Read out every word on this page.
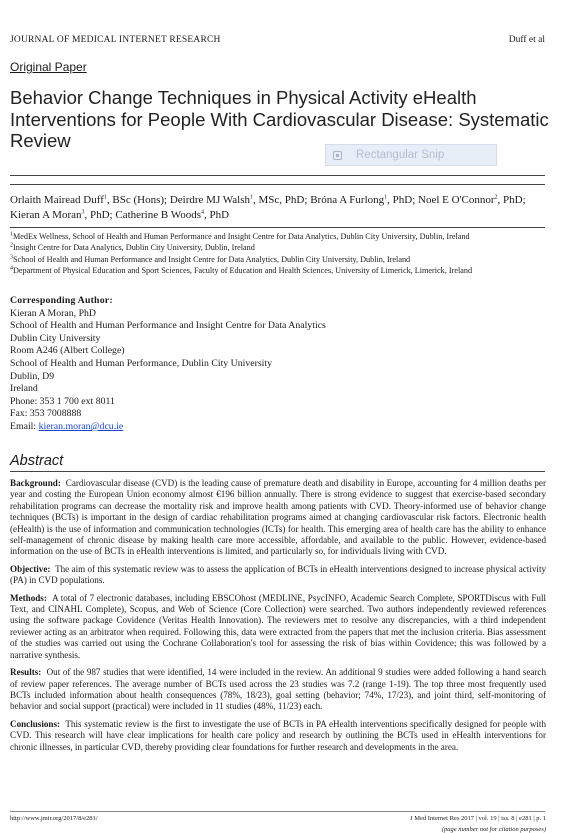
JOURNAL OF MEDICAL INTERNET RESEARCH	Duff et al
Original Paper
Behavior Change Techniques in Physical Activity eHealth Interventions for People With Cardiovascular Disease: Systematic Review
Rectangular Snip
Orlaith Mairead Duff$^1$, BSc (Hons); Deirdre MJ Walsh$^1$, MSc, PhD; Bróna A Furlong$^1$, PhD; Noel E O'Connor$^2$, PhD; Kieran A Moran$^3$, PhD; Catherine B Woods$^4$, PhD
$^1$MedEx Wellness, School of Health and Human Performance and Insight Centre for Data Analytics, Dublin City University, Dublin, Ireland
$^2$Insight Centre for Data Analytics, Dublin City University, Dublin, Ireland
$^3$School of Health and Human Performance and Insight Centre for Data Analytics, Dublin City University, Dublin, Ireland
$^4$Department of Physical Education and Sport Sciences, Faculty of Education and Health Sciences, University of Limerick, Limerick, Ireland
Corresponding Author:
Kieran A Moran, PhD
School of Health and Human Performance and Insight Centre for Data Analytics
Dublin City University
Room A246 (Albert College)
School of Health and Human Performance, Dublin City University
Dublin, D9
Ireland
Phone: 353 1 700 ext 8011
Fax: 353 7008888
Email: kieran.moran@dcu.ie
Abstract

Background: Cardiovascular disease (CVD) is the leading cause of premature death and disability in Europe, accounting for 4 million deaths per year and costing the European Union economy almost €196 billion annually. There is strong evidence to suggest that exercise-based secondary rehabilitation programs can decrease the mortality risk and improve health among patients with CVD. Theory-informed use of behavior change techniques (BCTs) is important in the design of cardiac rehabilitation programs aimed at changing cardiovascular risk factors. Electronic health (eHealth) is the use of information and communication technologies (ICTs) for health. This emerging area of health care has the ability to enhance self-management of chronic disease by making health care more accessible, affordable, and available to the public. However, evidence-based information on the use of BCTs in eHealth interventions is limited, and particularly so, for individuals living with CVD.

Objective: The aim of this systematic review was to assess the application of BCTs in eHealth interventions designed to increase physical activity (PA) in CVD populations.

Methods: A total of 7 electronic databases, including EBSCOhost (MEDLINE, PsycINFO, Academic Search Complete, SPORTDiscus with Full Text, and CINAHL Complete), Scopus, and Web of Science (Core Collection) were searched. Two authors independently reviewed references using the software package Covidence (Veritas Health Innovation). The reviewers met to resolve any discrepancies, with a third independent reviewer acting as an arbitrator when required. Following this, data were extracted from the papers that met the inclusion criteria. Bias assessment of the studies was carried out using the Cochrane Collaboration's tool for assessing the risk of bias within Covidence; this was followed by a narrative synthesis.

Results: Out of the 987 studies that were identified, 14 were included in the review. An additional 9 studies were added following a hand search of review paper references. The average number of BCTs used across the 23 studies was 7.2 (range 1-19). The top three most frequently used BCTs included information about health consequences (78%, 18/23), goal setting (behavior; 74%, 17/23), and joint third, self-monitoring of behavior and social support (practical) were included in 11 studies (48%, 11/23) each.

Conclusions: This systematic review is the first to investigate the use of BCTs in PA eHealth interventions specifically designed for people with CVD. This research will have clear implications for health care policy and research by outlining the BCTs used in eHealth interventions for chronic illnesses, in particular CVD, thereby providing clear foundations for further research and developments in the area.

http://www.jmir.org/2017/8/e281/	J Med Internet Res 2017 | vol. 19 | iss. 8 | e281 | p. 1
(page number not for citation purposes)
